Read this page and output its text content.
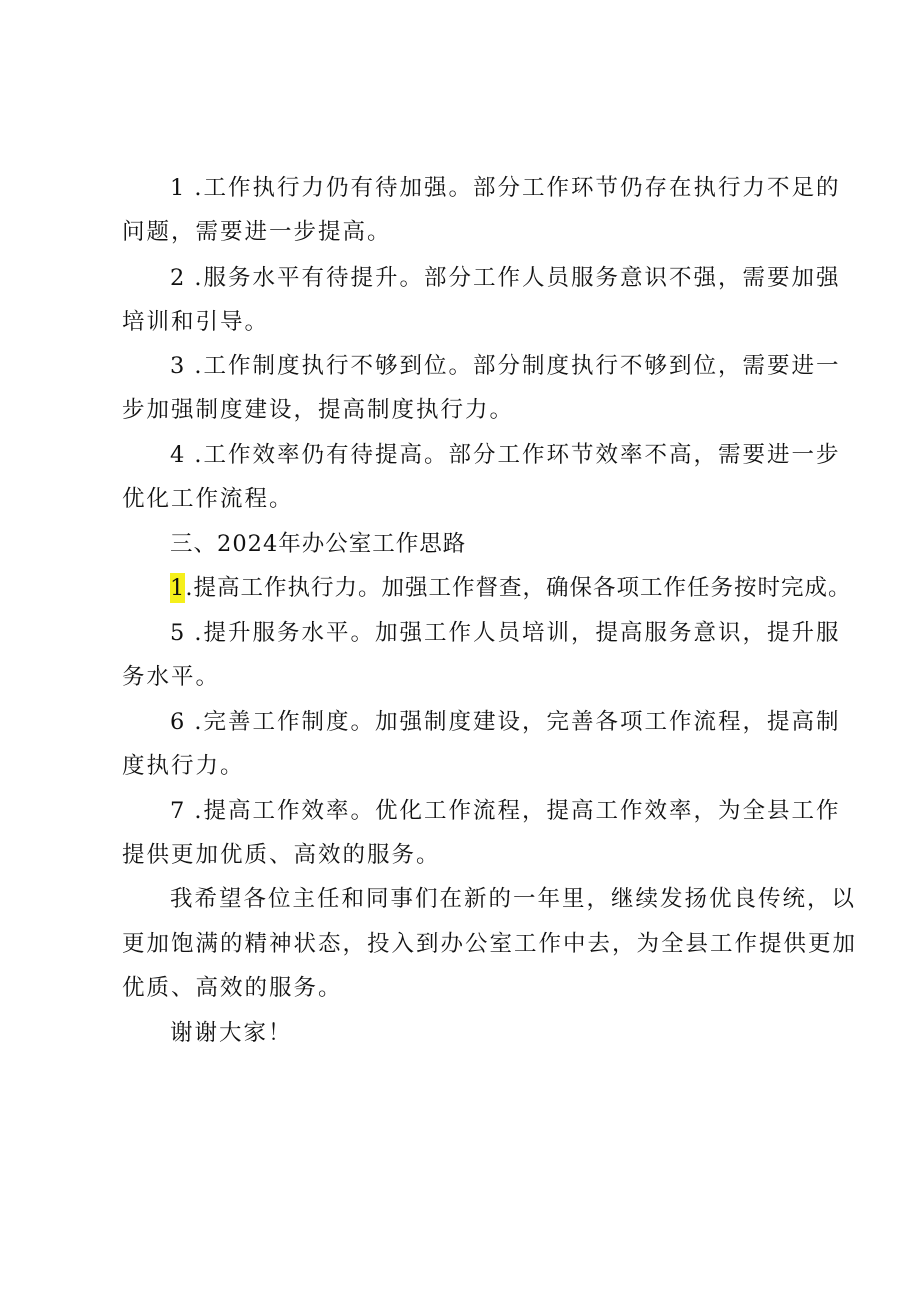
1.工作执行力仍有待加强。部分工作环节仍存在执行力不足的
问题，需要进一步提高。
2.服务水平有待提升。部分工作人员服务意识不强，需要加强
培训和引导。
3.工作制度执行不够到位。部分制度执行不够到位，需要进一
步加强制度建设，提高制度执行力。
4.工作效率仍有待提高。部分工作环节效率不高，需要进一步
优化工作流程。
三、2024年办公室工作思路
1.提高工作执行力。加强工作督查，确保各项工作任务按时完成。
5.提升服务水平。加强工作人员培训，提高服务意识，提升服
务水平。
6.完善工作制度。加强制度建设，完善各项工作流程，提高制
度执行力。
7.提高工作效率。优化工作流程，提高工作效率，为全县工作
提供更加优质、高效的服务。
我希望各位主任和同事们在新的一年里，继续发扬优良传统，以
更加饱满的精神状态，投入到办公室工作中去，为全县工作提供更加
优质、高效的服务。
谢谢大家！
